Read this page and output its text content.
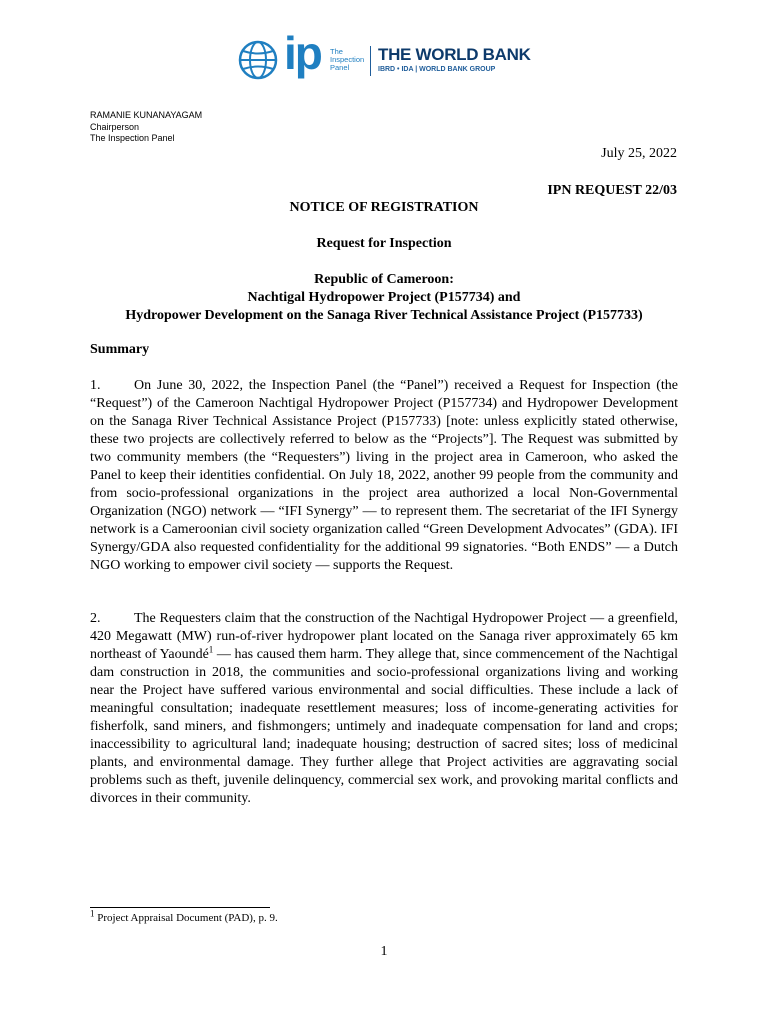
ip The
Inspection
Panel
THE WORLD BANK
IBRD • IDA | WORLD BANK GROUP
RAMANIE KUNANAYAGAM
Chairperson
The Inspection Panel
July 25, 2022
IPN REQUEST 22/03
NOTICE OF REGISTRATION
Request for Inspection
Republic of Cameroon:
Nachtigal Hydropower Project (P157734) and
Hydropower Development on the Sanaga River Technical Assistance Project (P157733)
Summary
1. On June 30, 2022, the Inspection Panel (the “Panel”) received a Request for Inspection (the “Request”) of the Cameroon Nachtigal Hydropower Project (P157734) and Hydropower Development on the Sanaga River Technical Assistance Project (P157733) [note: unless explicitly stated otherwise, these two projects are collectively referred to below as the “Projects”]. The Request was submitted by two community members (the “Requesters”) living in the project area in Cameroon, who asked the Panel to keep their identities confidential. On July 18, 2022, another 99 people from the community and from socio-professional organizations in the project area authorized a local Non-Governmental Organization (NGO) network — “IFI Synergy” — to represent them. The secretariat of the IFI Synergy network is a Cameroonian civil society organization called “Green Development Advocates” (GDA). IFI Synergy/GDA also requested confidentiality for the additional 99 signatories. “Both ENDS” — a Dutch NGO working to empower civil society — supports the Request.
2. The Requesters claim that the construction of the Nachtigal Hydropower Project — a greenfield, 420 Megawatt (MW) run-of-river hydropower plant located on the Sanaga river approximately 65 km northeast of Yaoundé$^1$ — has caused them harm. They allege that, since commencement of the Nachtigal dam construction in 2018, the communities and socio-professional organizations living and working near the Project have suffered various environmental and social difficulties. These include a lack of meaningful consultation; inadequate resettlement measures; loss of income-generating activities for fisherfolk, sand miners, and fishmongers; untimely and inadequate compensation for land and crops; inaccessibility to agricultural land; inadequate housing; destruction of sacred sites; loss of medicinal plants, and environmental damage. They further allege that Project activities are aggravating social problems such as theft, juvenile delinquency, commercial sex work, and provoking marital conflicts and divorces in their community.
$^1$ Project Appraisal Document (PAD), p. 9.
1
